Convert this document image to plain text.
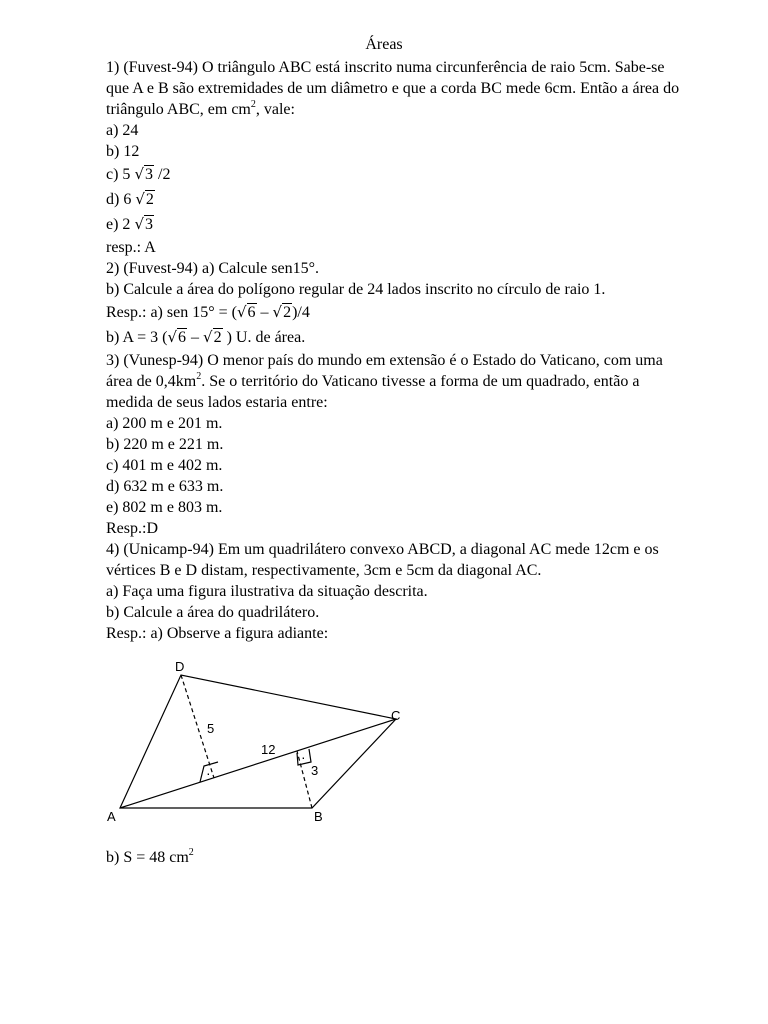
Áreas
1) (Fuvest-94) O triângulo ABC está inscrito numa circunferência de raio 5cm. Sabe-se
que A e B são extremidades de um diâmetro e que a corda BC mede 6cm. Então a área do
triângulo ABC, em $cm^2$, vale:
a) 24
b) 12
c) 5 √3 /2
d) 6 √2
e) 2 √3
resp.: A
2) (Fuvest-94) a) Calcule sen15°.
b) Calcule a área do polígono regular de 24 lados inscrito no círculo de raio 1.
Resp.: a) sen 15° = (√6 – √2)/4
b) A = 3 (√6 – √2 ) U. de área.
3) (Vunesp-94) O menor país do mundo em extensão é o Estado do Vaticano, com uma
área de $0,4km^2$. Se o território do Vaticano tivesse a forma de um quadrado, então a
medida de seus lados estaria entre:
a) 200 m e 201 m.
b) 220 m e 221 m.
c) 401 m e 402 m.
d) 632 m e 633 m.
e) 802 m e 803 m.
Resp.:D
4) (Unicamp-94) Em um quadrilátero convexo ABCD, a diagonal AC mede 12cm e os
vértices B e D distam, respectivamente, 3cm e 5cm da diagonal AC.
a) Faça uma figura ilustrativa da situação descrita.
b) Calcule a área do quadrilátero.
Resp.: a) Observe a figura adiante:
D
C
A	B
12
5
3
·
·
b) S = 48 $cm^2$
